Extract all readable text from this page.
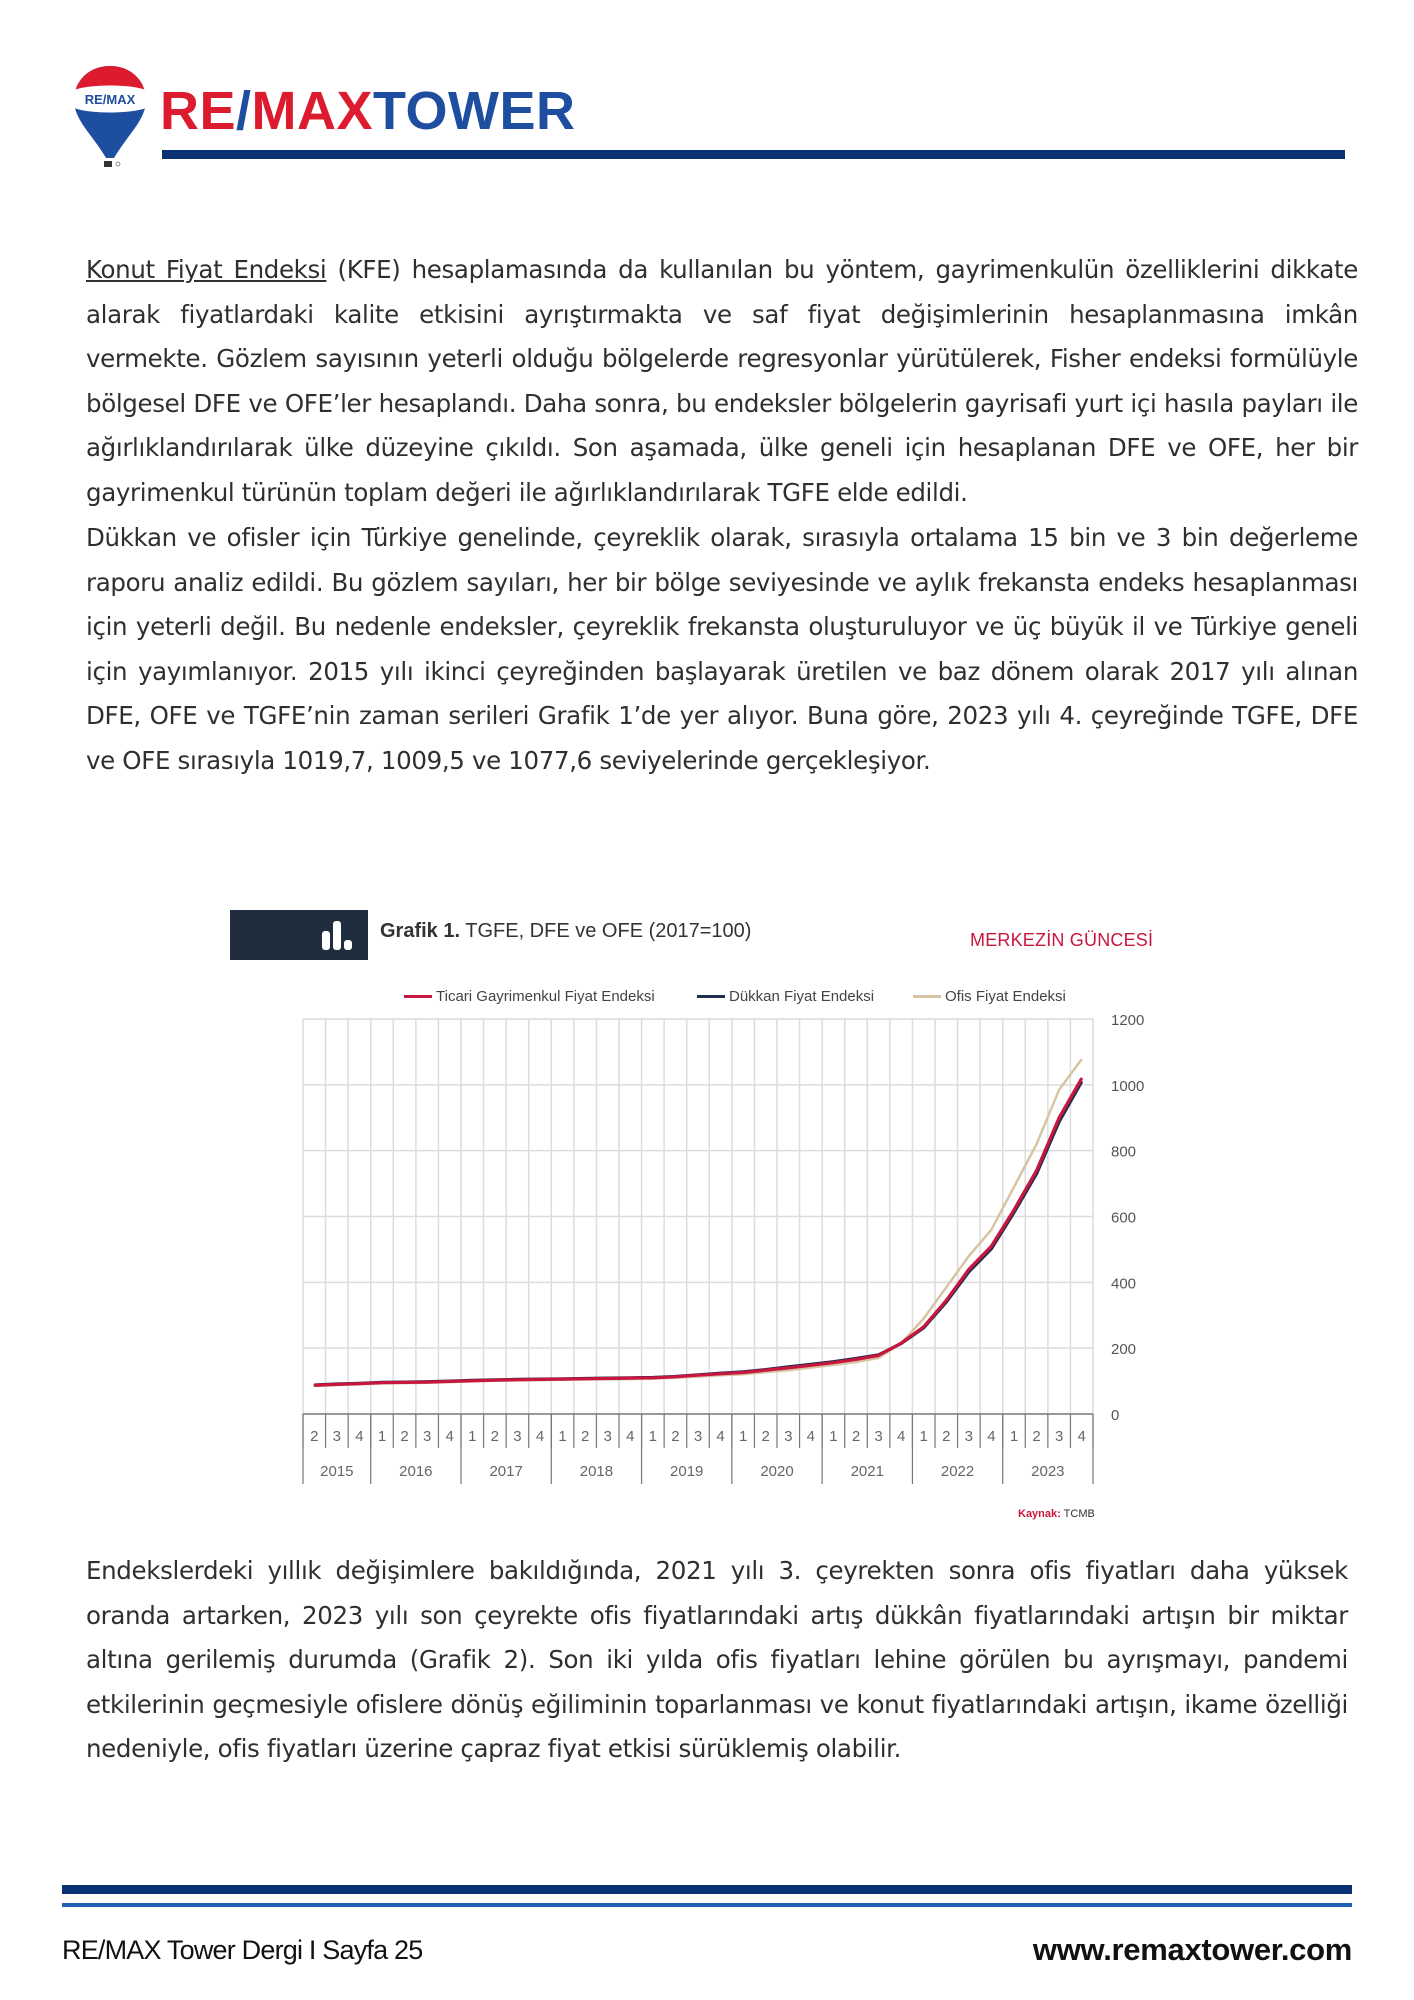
RE/MAX RE/MAXTOWER

Konut Fiyat Endeksi (KFE) hesaplamasında da kullanılan bu yöntem, gayrimenkulün özelliklerini dikkate alarak fiyatlardaki kalite etkisini ayrıştırmakta ve saf fiyat değişimlerinin hesaplanmasına imkân vermekte. Gözlem sayısının yeterli olduğu bölgelerde regresyonlar yürütülerek, Fisher endeksi formülüyle bölgesel DFE ve OFE’ler hesaplandı. Daha sonra, bu endeksler bölgelerin gayrisafi yurt içi hasıla payları ile ağırlıklandırılarak ülke düzeyine çıkıldı. Son aşamada, ülke geneli için hesaplanan DFE ve OFE, her bir gayrimenkul türünün toplam değeri ile ağırlıklandırılarak TGFE elde edildi.

Dükkan ve ofisler için Türkiye genelinde, çeyreklik olarak, sırasıyla ortalama 15 bin ve 3 bin değerleme raporu analiz edildi. Bu gözlem sayıları, her bir bölge seviyesinde ve aylık frekansta endeks hesaplanması için yeterli değil. Bu nedenle endeksler, çeyreklik frekansta oluşturuluyor ve üç büyük il ve Türkiye geneli için yayımlanıyor. 2015 yılı ikinci çeyreğinden başlayarak üretilen ve baz dönem olarak 2017 yılı alınan DFE, OFE ve TGFE’nin zaman serileri Grafik 1’de yer alıyor. Buna göre, 2023 yılı 4. çeyreğinde TGFE, DFE ve OFE sırasıyla 1019,7, 1009,5 ve 1077,6 seviyelerinde gerçekleşiyor.

Grafik 1. TGFE, DFE ve OFE (2017=100)	MERKEZİN GÜNCESİ
Ticari Gayrimenkul Fiyat Endeksi	Dükkan Fiyat Endeksi	Ofis Fiyat Endeksi
0
200
400
600
800
1000
1200
2 3 4 1 2 3 4 1 2 3 4 1 2 3 4 1 2 3 4 1 2 3 4 1 2 3 4 1 2 3 4 1 2 3 4
2015	2016	2017	2018	2019	2020	2021	2022	2023
Kaynak: TCMB

Endekslerdeki yıllık değişimlere bakıldığında, 2021 yılı 3. çeyrekten sonra ofis fiyatları daha yüksek oranda artarken, 2023 yılı son çeyrekte ofis fiyatlarındaki artış dükkân fiyatlarındaki artışın bir miktar altına gerilemiş durumda (Grafik 2). Son iki yılda ofis fiyatları lehine görülen bu ayrışmayı, pandemi etkilerinin geçmesiyle ofislere dönüş eğiliminin toparlanması ve konut fiyatlarındaki artışın, ikame özelliği nedeniyle, ofis fiyatları üzerine çapraz fiyat etkisi sürüklemiş olabilir.

RE/MAX Tower Dergi I Sayfa 25	www.remaxtower.com
